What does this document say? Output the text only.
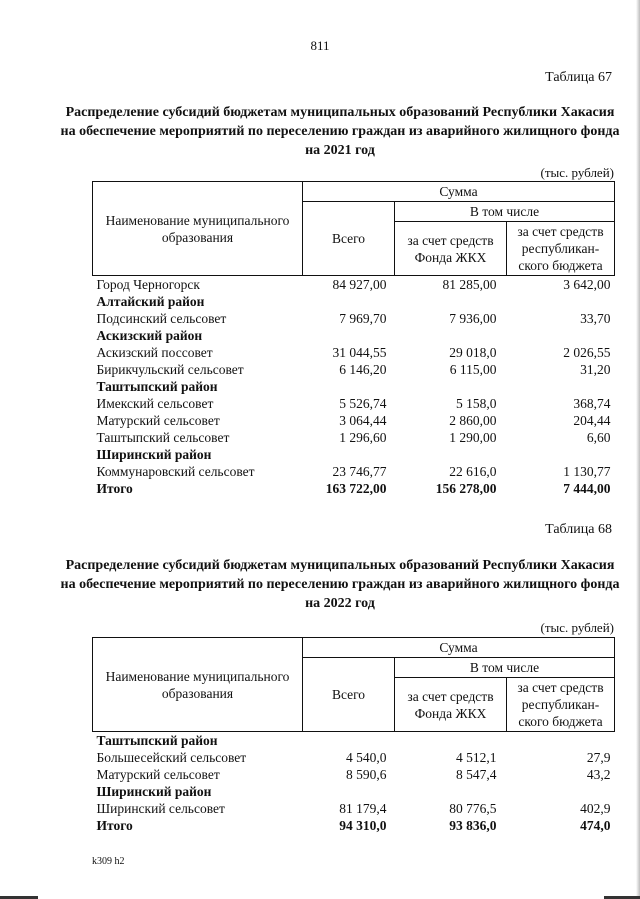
811
Таблица 67
Распределение субсидий бюджетам муниципальных образований Республики Хакасия на обеспечение мероприятий по переселению граждан из аварийного жилищного фонда на 2021 год
(тыс. рублей)
Наименование муниципального образования	Сумма		
	Всего	В том числе	
		за счет средств Фонда ЖКХ	за счет средств республикан-ского бюджета
Город Черногорск	84 927,00	81 285,00	3 642,00
Алтайский район			
Подсинский сельсовет	7 969,70	7 936,00	33,70
Аскизский район			
Аскизский поссовет	31 044,55	29 018,0	2 026,55
Бирикчульский сельсовет	6 146,20	6 115,00	31,20
Таштыпский район			
Имекский сельсовет	5 526,74	5 158,0	368,74
Матурский сельсовет	3 064,44	2 860,00	204,44
Таштыпский сельсовет	1 296,60	1 290,00	6,60
Ширинский район			
Коммунаровский сельсовет	23 746,77	22 616,0	1 130,77
Итого	163 722,00	156 278,00	7 444,00
Таблица 68
Распределение субсидий бюджетам муниципальных образований Республики Хакасия на обеспечение мероприятий по переселению граждан из аварийного жилищного фонда на 2022 год
(тыс. рублей)
Наименование муниципального образования	Сумма		
	Всего	В том числе	
		за счет средств Фонда ЖКХ	за счет средств республикан-ского бюджета
Таштыпский район			
Большесейский сельсовет	4 540,0	4 512,1	27,9
Матурский сельсовет	8 590,6	8 547,4	43,2
Ширинский район			
Ширинский сельсовет	81 179,4	80 776,5	402,9
Итого	94 310,0	93 836,0	474,0
k309 h2
